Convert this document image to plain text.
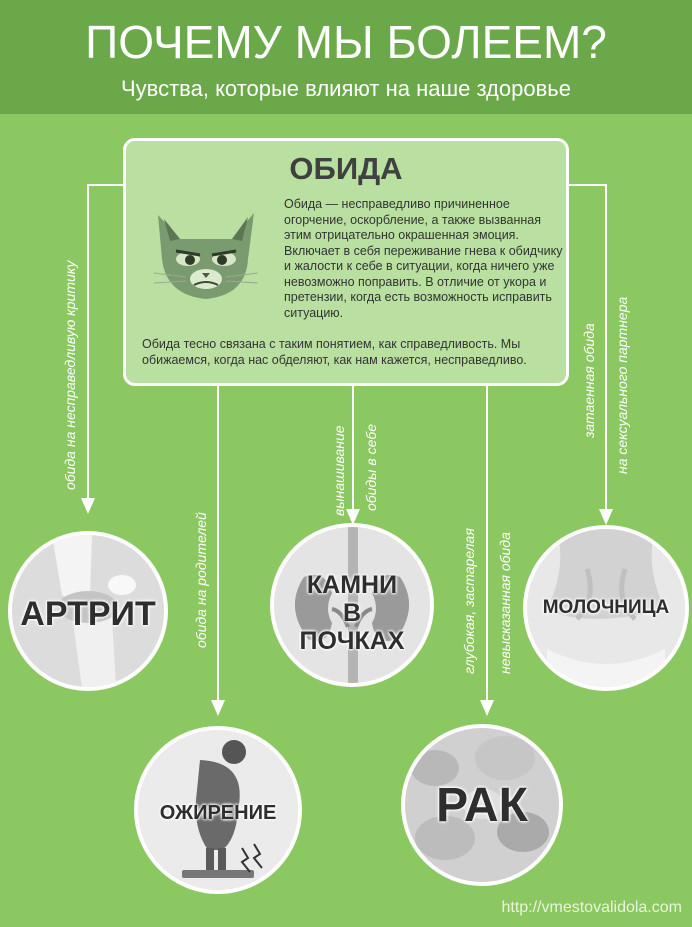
ПОЧЕМУ МЫ БОЛЕЕМ?
Чувства, которые влияют на наше здоровье
ОБИДА
Обида — несправедливо причиненное огорчение, оскорбление, а также вызванная этим отрицательно окрашенная эмоция. Включает в себя переживание гнева к обидчику и жалости к себе в ситуации, когда ничего уже невозможно поправить. В отличие от укора и претензии, когда есть возможность исправить ситуацию.
Обида тесно связана с таким понятием, как справедливость. Мы обижаемся, когда нас обделяют, как нам кажется, несправедливо.
обида на несправедливую критику
обида на родителей
вынашивание обиды в себе
глубокая, застарелая невысказанная обида
затаенная обида на сексуального партнера
АРТРИТ
КАМНИ
В
ПОЧКАХ
МОЛОЧНИЦА
ОЖИРЕНИЕ	РАК
http://vmestovalidola.com
